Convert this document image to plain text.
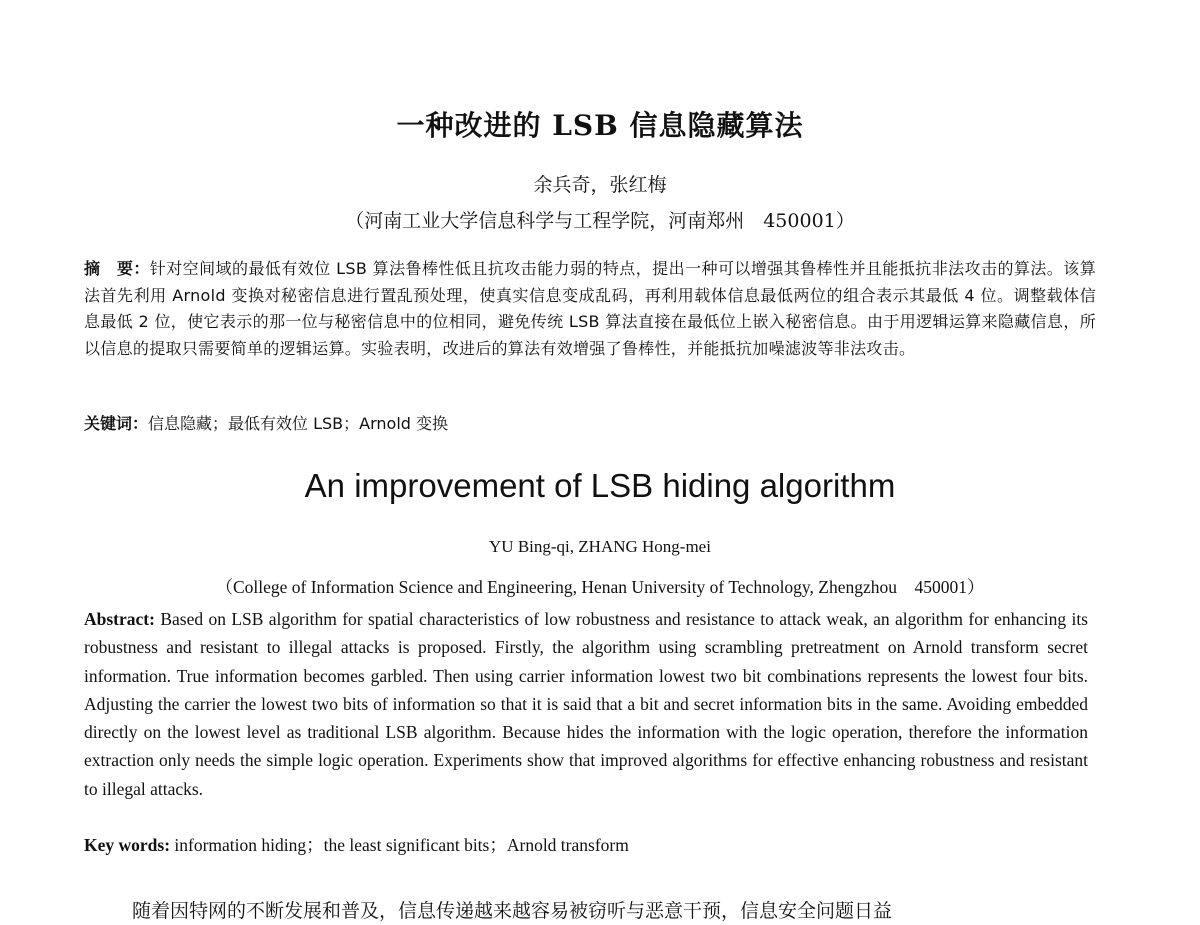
一种改进的 LSB 信息隐藏算法
余兵奇，张红梅
（河南工业大学信息科学与工程学院，河南郑州　450001）
摘　要：针对空间域的最低有效位 LSB 算法鲁棒性低且抗攻击能力弱的特点，提出一种可以增强其鲁棒性并且能抵抗非法攻击的算法。该算法首先利用 Arnold 变换对秘密信息进行置乱预处理，使真实信息变成乱码，再利用载体信息最低两位的组合表示其最低 4 位。调整载体信息最低 2 位，使它表示的那一位与秘密信息中的位相同，避免传统 LSB 算法直接在最低位上嵌入秘密信息。由于用逻辑运算来隐藏信息，所以信息的提取只需要简单的逻辑运算。实验表明，改进后的算法有效增强了鲁棒性，并能抵抗加噪滤波等非法攻击。
关键词：信息隐藏；最低有效位 LSB；Arnold 变换
An improvement of LSB hiding algorithm
YU Bing-qi, ZHANG Hong-mei
（College of Information Science and Engineering, Henan University of Technology, Zhengzhou　450001）
Abstract: Based on LSB algorithm for spatial characteristics of low robustness and resistance to attack weak, an algorithm for enhancing its robustness and resistant to illegal attacks is proposed. Firstly, the algorithm using scrambling pretreatment on Arnold transform secret information. True information becomes garbled. Then using carrier information lowest two bit combinations represents the lowest four bits. Adjusting the carrier the lowest two bits of information so that it is said that a bit and secret information bits in the same. Avoiding embedded directly on the lowest level as traditional LSB algorithm. Because hides the information with the logic operation, therefore the information extraction only needs the simple logic operation. Experiments show that improved algorithms for effective enhancing robustness and resistant to illegal attacks.
Key words: information hiding；the least significant bits；Arnold transform
随着因特网的不断发展和普及，信息传递越来越容易被窃听与恶意干预，信息安全问题日益
